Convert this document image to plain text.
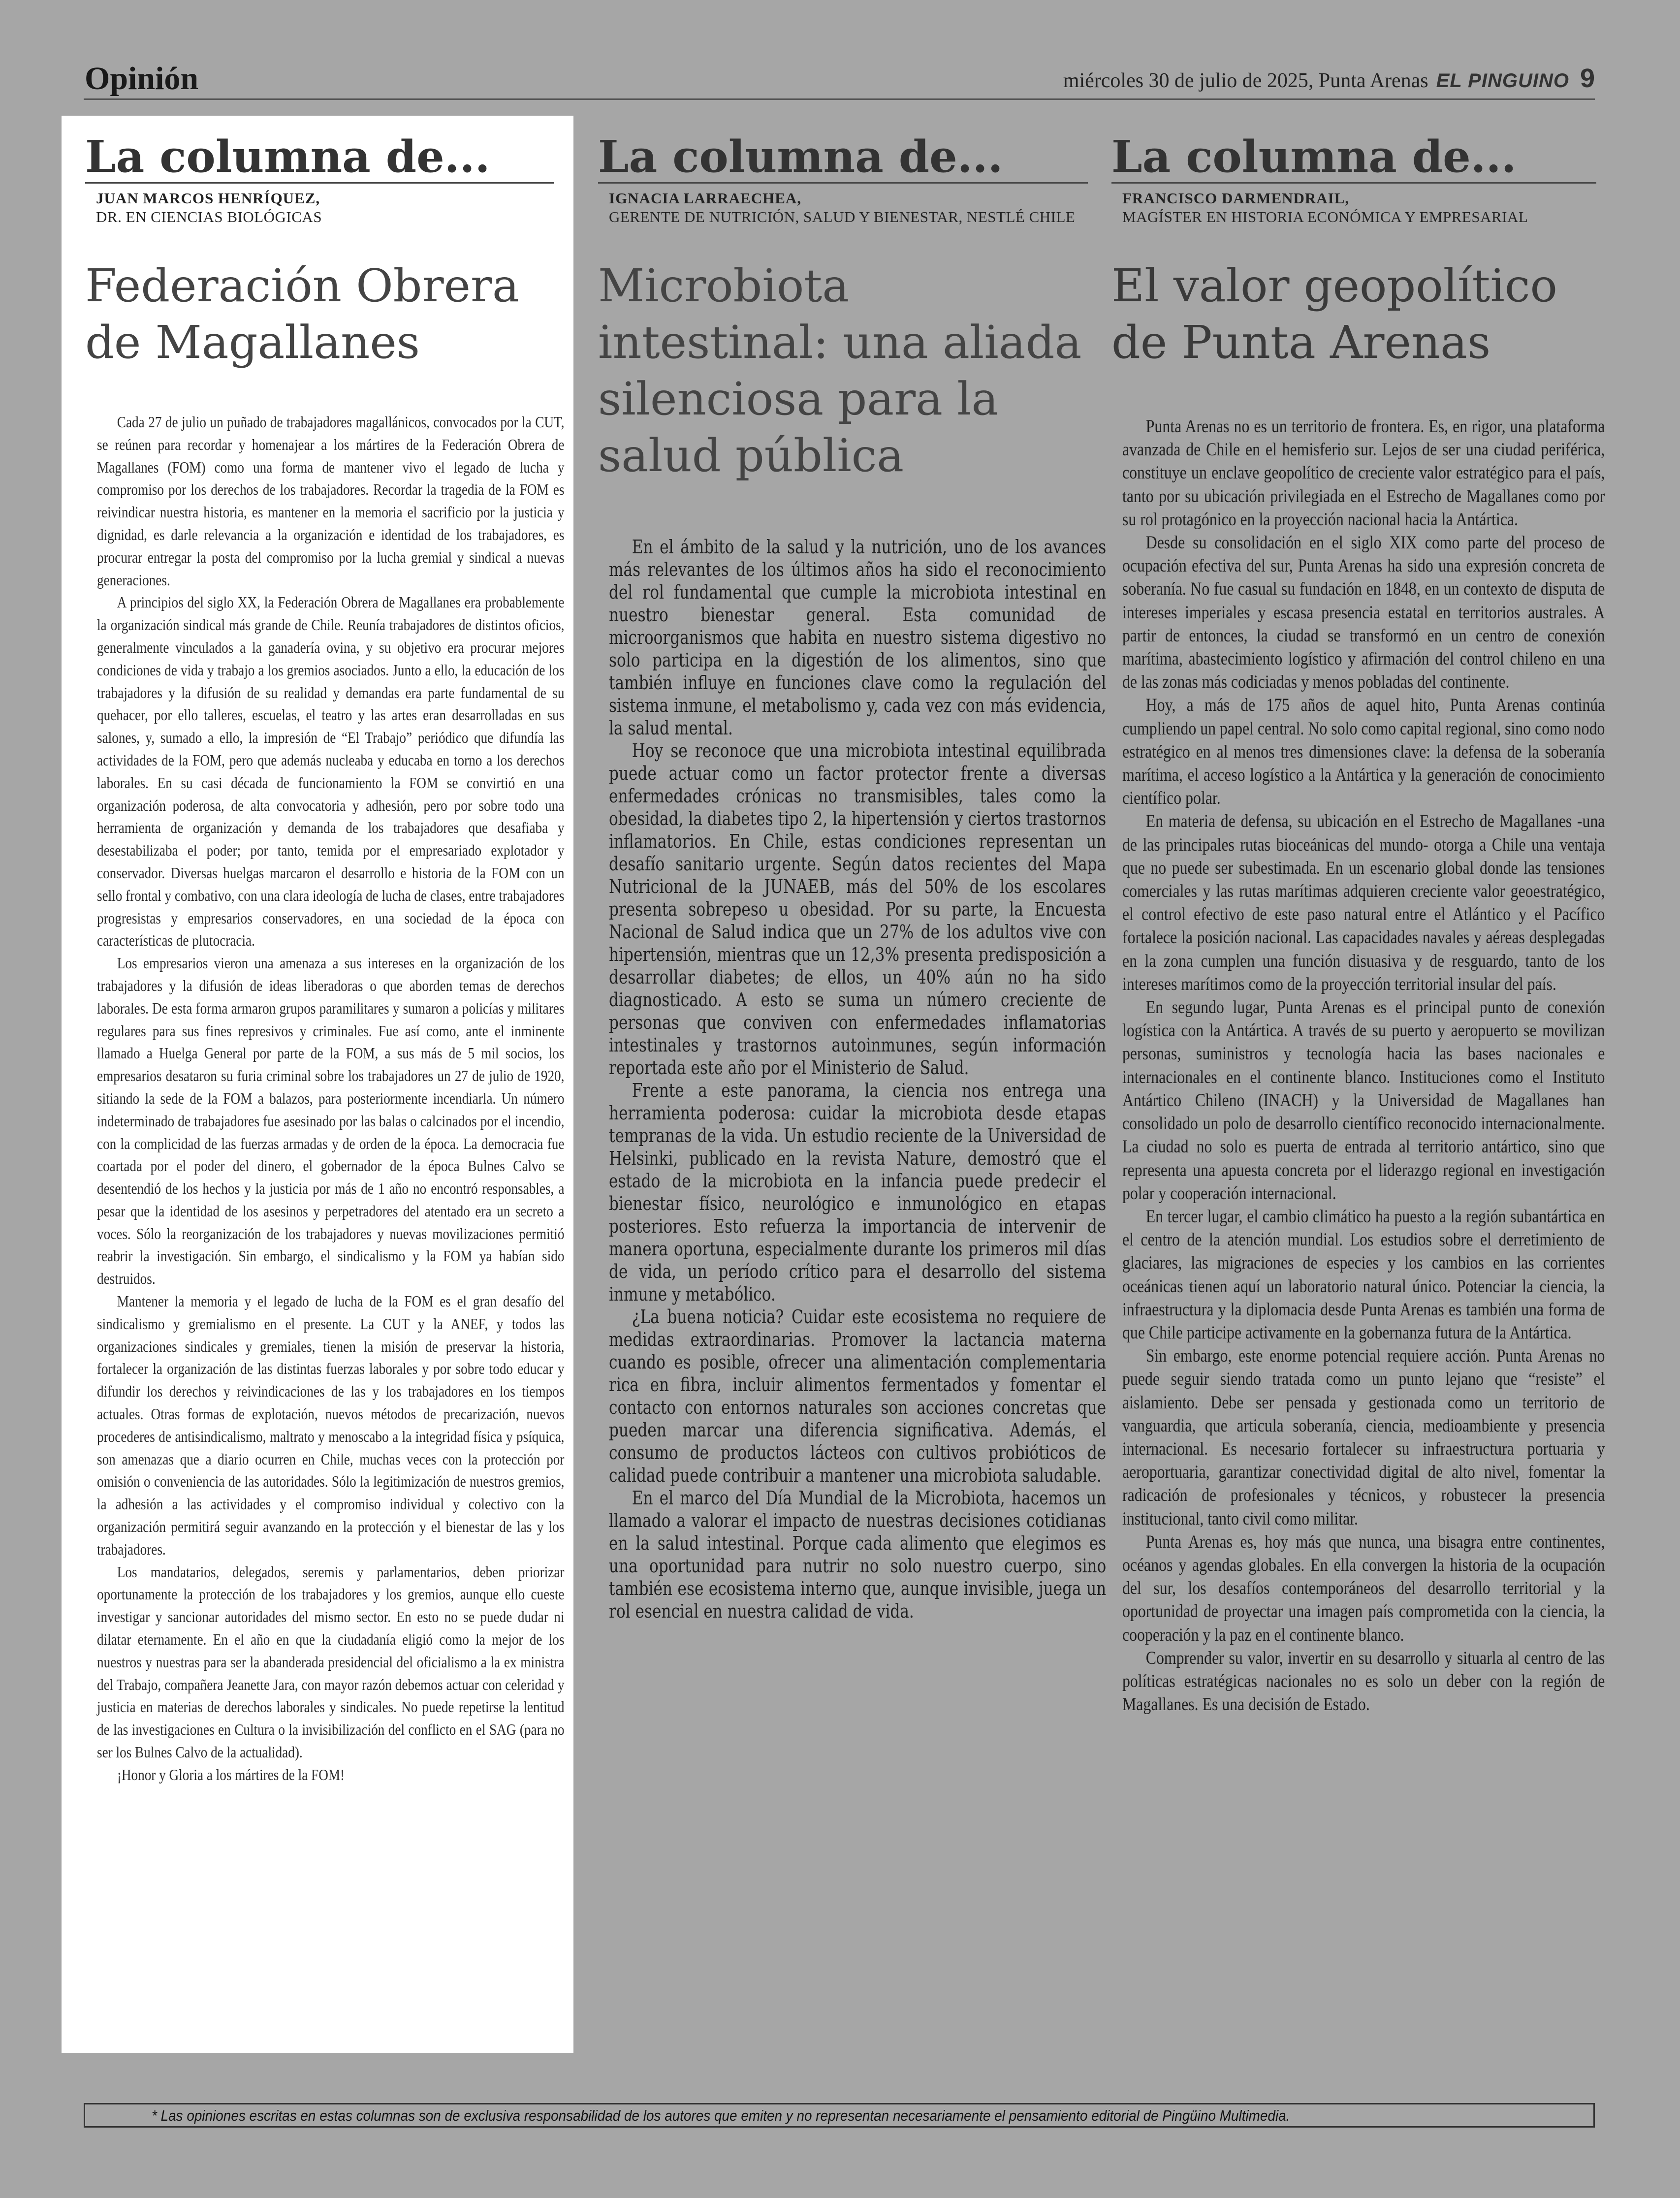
Opinión	miércoles 30 de julio de 2025, Punta Arenas EL PINGUINO 9
La columna de...
JUAN MARCOS HENRÍQUEZ,
DR. EN CIENCIAS BIOLÓGICAS
Federación Obrera de Magallanes

Cada 27 de julio un puñado de trabajadores magallánicos, convocados por la CUT, se reúnen para recordar y homenajear a los mártires de la Federación Obrera de Magallanes (FOM) como una forma de mantener vivo el legado de lucha y compromiso por los derechos de los trabajadores. Recordar la tragedia de la FOM es reivindicar nuestra historia, es mantener en la memoria el sacrificio por la justicia y dignidad, es darle relevancia a la organización e identidad de los trabajadores, es procurar entregar la posta del compromiso por la lucha gremial y sindical a nuevas generaciones.

A principios del siglo XX, la Federación Obrera de Magallanes era probablemente la organización sindical más grande de Chile. Reunía trabajadores de distintos oficios, generalmente vinculados a la ganadería ovina, y su objetivo era procurar mejores condiciones de vida y trabajo a los gremios asociados. Junto a ello, la educación de los trabajadores y la difusión de su realidad y demandas era parte fundamental de su quehacer, por ello talleres, escuelas, el teatro y las artes eran desarrolladas en sus salones, y, sumado a ello, la impresión de “El Trabajo” periódico que difundía las actividades de la FOM, pero que además nucleaba y educaba en torno a los derechos laborales. En su casi década de funcionamiento la FOM se convirtió en una organización poderosa, de alta convocatoria y adhesión, pero por sobre todo una herramienta de organización y demanda de los trabajadores que desafiaba y desestabilizaba el poder; por tanto, temida por el empresariado explotador y conservador. Diversas huelgas marcaron el desarrollo e historia de la FOM con un sello frontal y combativo, con una clara ideología de lucha de clases, entre trabajadores progresistas y empresarios conservadores, en una sociedad de la época con características de plutocracia.

Los empresarios vieron una amenaza a sus intereses en la organización de los trabajadores y la difusión de ideas liberadoras o que aborden temas de derechos laborales. De esta forma armaron grupos paramilitares y sumaron a policías y militares regulares para sus fines represivos y criminales. Fue así como, ante el inminente llamado a Huelga General por parte de la FOM, a sus más de 5 mil socios, los empresarios desataron su furia criminal sobre los trabajadores un 27 de julio de 1920, sitiando la sede de la FOM a balazos, para posteriormente incendiarla. Un número indeterminado de trabajadores fue asesinado por las balas o calcinados por el incendio, con la complicidad de las fuerzas armadas y de orden de la época. La democracia fue coartada por el poder del dinero, el gobernador de la época Bulnes Calvo se desentendió de los hechos y la justicia por más de 1 año no encontró responsables, a pesar que la identidad de los asesinos y perpetradores del atentado era un secreto a voces. Sólo la reorganización de los trabajadores y nuevas movilizaciones permitió reabrir la investigación. Sin embargo, el sindicalismo y la FOM ya habían sido destruidos.

Mantener la memoria y el legado de lucha de la FOM es el gran desafío del sindicalismo y gremialismo en el presente. La CUT y la ANEF, y todos las organizaciones sindicales y gremiales, tienen la misión de preservar la historia, fortalecer la organización de las distintas fuerzas laborales y por sobre todo educar y difundir los derechos y reivindicaciones de las y los trabajadores en los tiempos actuales. Otras formas de explotación, nuevos métodos de precarización, nuevos procederes de antisindicalismo, maltrato y menoscabo a la integridad física y psíquica, son amenazas que a diario ocurren en Chile, muchas veces con la protección por omisión o conveniencia de las autoridades. Sólo la legitimización de nuestros gremios, la adhesión a las actividades y el compromiso individual y colectivo con la organización permitirá seguir avanzando en la protección y el bienestar de las y los trabajadores.

Los mandatarios, delegados, seremis y parlamentarios, deben priorizar oportunamente la protección de los trabajadores y los gremios, aunque ello cueste investigar y sancionar autoridades del mismo sector. En esto no se puede dudar ni dilatar eternamente. En el año en que la ciudadanía eligió como la mejor de los nuestros y nuestras para ser la abanderada presidencial del oficialismo a la ex ministra del Trabajo, compañera Jeanette Jara, con mayor razón debemos actuar con celeridad y justicia en materias de derechos laborales y sindicales. No puede repetirse la lentitud de las investigaciones en Cultura o la invisibilización del conflicto en el SAG (para no ser los Bulnes Calvo de la actualidad).

¡Honor y Gloria a los mártires de la FOM!

La columna de...
IGNACIA LARRAECHEA,
GERENTE DE NUTRICIÓN, SALUD Y BIENESTAR, NESTLÉ CHILE
Microbiota intestinal: una aliada silenciosa para la salud pública

En el ámbito de la salud y la nutrición, uno de los avances más relevantes de los últimos años ha sido el reconocimiento del rol fundamental que cumple la microbiota intestinal en nuestro bienestar general. Esta comunidad de microorganismos que habita en nuestro sistema digestivo no solo participa en la digestión de los alimentos, sino que también influye en funciones clave como la regulación del sistema inmune, el metabolismo y, cada vez con más evidencia, la salud mental.

Hoy se reconoce que una microbiota intestinal equilibrada puede actuar como un factor protector frente a diversas enfermedades crónicas no transmisibles, tales como la obesidad, la diabetes tipo 2, la hipertensión y ciertos trastornos inflamatorios. En Chile, estas condiciones representan un desafío sanitario urgente. Según datos recientes del Mapa Nutricional de la JUNAEB, más del 50% de los escolares presenta sobrepeso u obesidad. Por su parte, la Encuesta Nacional de Salud indica que un 27% de los adultos vive con hipertensión, mientras que un 12,3% presenta predisposición a desarrollar diabetes; de ellos, un 40% aún no ha sido diagnosticado. A esto se suma un número creciente de personas que conviven con enfermedades inflamatorias intestinales y trastornos autoinmunes, según información reportada este año por el Ministerio de Salud.

Frente a este panorama, la ciencia nos entrega una herramienta poderosa: cuidar la microbiota desde etapas tempranas de la vida. Un estudio reciente de la Universidad de Helsinki, publicado en la revista Nature, demostró que el estado de la microbiota en la infancia puede predecir el bienestar físico, neurológico e inmunológico en etapas posteriores. Esto refuerza la importancia de intervenir de manera oportuna, especialmente durante los primeros mil días de vida, un período crítico para el desarrollo del sistema inmune y metabólico.

¿La buena noticia? Cuidar este ecosistema no requiere de medidas extraordinarias. Promover la lactancia materna cuando es posible, ofrecer una alimentación complementaria rica en fibra, incluir alimentos fermentados y fomentar el contacto con entornos naturales son acciones concretas que pueden marcar una diferencia significativa. Además, el consumo de productos lácteos con cultivos probióticos de calidad puede contribuir a mantener una microbiota saludable.

En el marco del Día Mundial de la Microbiota, hacemos un llamado a valorar el impacto de nuestras decisiones cotidianas en la salud intestinal. Porque cada alimento que elegimos es una oportunidad para nutrir no solo nuestro cuerpo, sino también ese ecosistema interno que, aunque invisible, juega un rol esencial en nuestra calidad de vida.

La columna de...
FRANCISCO DARMENDRAIL,
MAGÍSTER EN HISTORIA ECONÓMICA Y EMPRESARIAL
El valor geopolítico de Punta Arenas

Punta Arenas no es un territorio de frontera. Es, en rigor, una plataforma avanzada de Chile en el hemisferio sur. Lejos de ser una ciudad periférica, constituye un enclave geopolítico de creciente valor estratégico para el país, tanto por su ubicación privilegiada en el Estrecho de Magallanes como por su rol protagónico en la proyección nacional hacia la Antártica.

Desde su consolidación en el siglo XIX como parte del proceso de ocupación efectiva del sur, Punta Arenas ha sido una expresión concreta de soberanía. No fue casual su fundación en 1848, en un contexto de disputa de intereses imperiales y escasa presencia estatal en territorios australes. A partir de entonces, la ciudad se transformó en un centro de conexión marítima, abastecimiento logístico y afirmación del control chileno en una de las zonas más codiciadas y menos pobladas del continente.

Hoy, a más de 175 años de aquel hito, Punta Arenas continúa cumpliendo un papel central. No solo como capital regional, sino como nodo estratégico en al menos tres dimensiones clave: la defensa de la soberanía marítima, el acceso logístico a la Antártica y la generación de conocimiento científico polar.

En materia de defensa, su ubicación en el Estrecho de Magallanes -una de las principales rutas bioceánicas del mundo- otorga a Chile una ventaja que no puede ser subestimada. En un escenario global donde las tensiones comerciales y las rutas marítimas adquieren creciente valor geoestratégico, el control efectivo de este paso natural entre el Atlántico y el Pacífico fortalece la posición nacional. Las capacidades navales y aéreas desplegadas en la zona cumplen una función disuasiva y de resguardo, tanto de los intereses marítimos como de la proyección territorial insular del país.

En segundo lugar, Punta Arenas es el principal punto de conexión logística con la Antártica. A través de su puerto y aeropuerto se movilizan personas, suministros y tecnología hacia las bases nacionales e internacionales en el continente blanco. Instituciones como el Instituto Antártico Chileno (INACH) y la Universidad de Magallanes han consolidado un polo de desarrollo científico reconocido internacionalmente. La ciudad no solo es puerta de entrada al territorio antártico, sino que representa una apuesta concreta por el liderazgo regional en investigación polar y cooperación internacional.

En tercer lugar, el cambio climático ha puesto a la región subantártica en el centro de la atención mundial. Los estudios sobre el derretimiento de glaciares, las migraciones de especies y los cambios en las corrientes oceánicas tienen aquí un laboratorio natural único. Potenciar la ciencia, la infraestructura y la diplomacia desde Punta Arenas es también una forma de que Chile participe activamente en la gobernanza futura de la Antártica.

Sin embargo, este enorme potencial requiere acción. Punta Arenas no puede seguir siendo tratada como un punto lejano que “resiste” el aislamiento. Debe ser pensada y gestionada como un territorio de vanguardia, que articula soberanía, ciencia, medioambiente y presencia internacional. Es necesario fortalecer su infraestructura portuaria y aeroportuaria, garantizar conectividad digital de alto nivel, fomentar la radicación de profesionales y técnicos, y robustecer la presencia institucional, tanto civil como militar.

Punta Arenas es, hoy más que nunca, una bisagra entre continentes, océanos y agendas globales. En ella convergen la historia de la ocupación del sur, los desafíos contemporáneos del desarrollo territorial y la oportunidad de proyectar una imagen país comprometida con la ciencia, la cooperación y la paz en el continente blanco.

Comprender su valor, invertir en su desarrollo y situarla al centro de las políticas estratégicas nacionales no es solo un deber con la región de Magallanes. Es una decisión de Estado.

* Las opiniones escritas en estas columnas son de exclusiva responsabilidad de los autores que emiten y no representan necesariamente el pensamiento editorial de Pingüino Multimedia.
